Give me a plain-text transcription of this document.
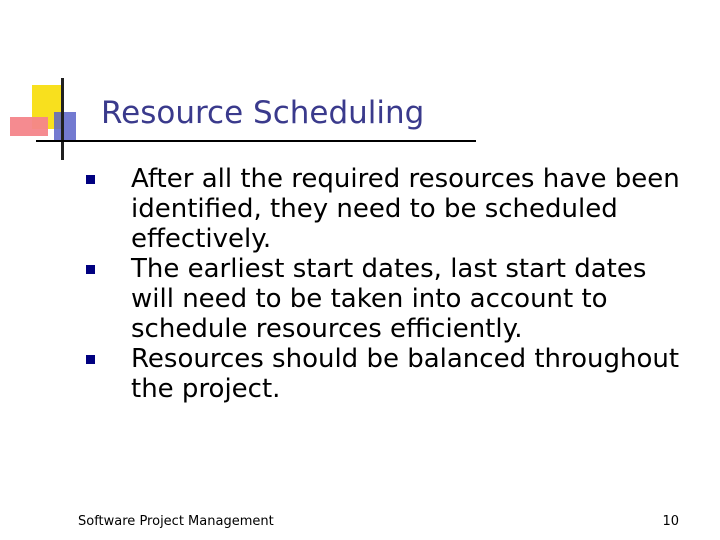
Resource Scheduling
After all the required resources have been identified, they need to be scheduled effectively.
The earliest start dates, last start dates will need to be taken into account to schedule resources efficiently.
Resources should be balanced throughout the project.
Software Project Management	10
